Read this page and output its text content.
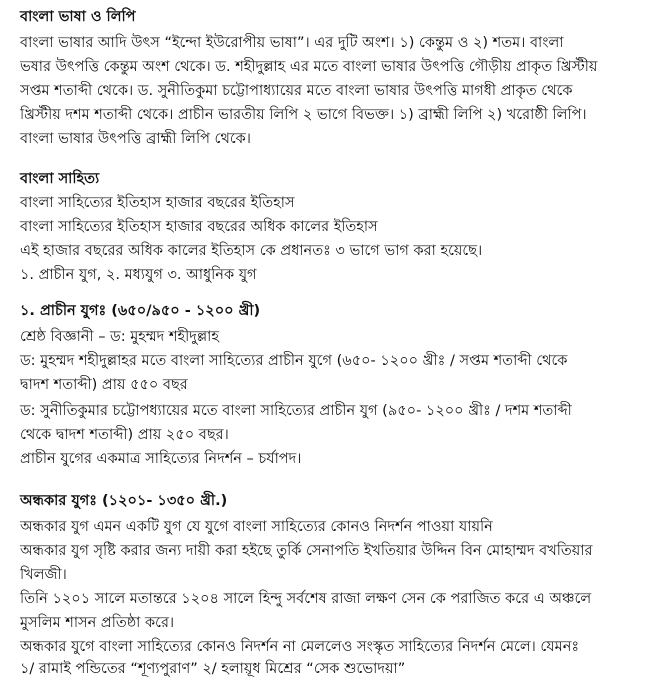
বাংলা ভাষা ও লিপি
বাংলা ভাষার আদি উৎস “ইন্দো ইউরোপীয় ভাষা”। এর দুটি অংশ। ১) কেন্তুম ও ২) শতম। বাংলা
ভষার উৎপত্তি কেন্তুম অংশ থেকে। ড. শহীদুল্লাহ এর মতে বাংলা ভাষার উৎপত্তি গৌড়ীয় প্রাকৃত খ্রিস্টীয়
সপ্তম শতাব্দী থেকে। ড. সুনীতিকুমা চট্টোপাধ্যায়ের মতে বাংলা ভাষার উৎপত্তি মাগধী প্রাকৃত থেকে
খ্রিস্টীয় দশম শতাব্দী থেকে। প্রাচীন ভারতীয় লিপি ২ ভাগে বিভক্ত। ১) ব্রাহ্মী লিপি ২) খরোষ্ঠী লিপি।
বাংলা ভাষার উৎপত্তি ব্রাহ্মী লিপি থেকে।
বাংলা সাহিত্য
বাংলা সাহিত্যের ইতিহাস হাজার বছরের ইতিহাস
বাংলা সাহিত্যের ইতিহাস হাজার বছরের অধিক কালের ইতিহাস
এই হাজার বছরের অধিক কালের ইতিহাস কে প্রধানতঃ ৩ ভাগে ভাগ করা হয়েছে।
১. প্রাচীন যুগ, ২. মধ্যযুগ ৩. আধুনিক যুগ
১. প্রাচীন যুগঃ (৬৫০/৯৫০ - ১২০০ খ্রী)
শ্রেষ্ঠ বিজ্ঞানী – ড: মুহম্মদ শহীদুল্লাহ
ড: মুহম্মদ শহীদুল্লাহর মতে বাংলা সাহিত্যের প্রাচীন যুগে (৬৫০- ১২০০ খ্রীঃ / সপ্তম শতাব্দী থেকে
দ্বাদশ শতাব্দী) প্রায় ৫৫০ বছর
ড: সুনীতিকুমার চট্টোপধ্যায়ের মতে বাংলা সাহিত্যের প্রাচীন যুগ (৯৫০- ১২০০ খ্রীঃ / দশম শতাব্দী
থেকে দ্বাদশ শতাব্দী) প্রায় ২৫০ বছর।
প্রাচীন যুগের একমাত্র সাহিত্যের নিদর্শন – চর্যাপদ।
অন্ধকার যুগঃ (১২০১- ১৩৫০ খ্রী.)
অন্ধকার যুগ এমন একটি যুগ যে যুগে বাংলা সাহিত্যের কোনও নিদর্শন পাওয়া যায়নি
অন্ধকার যুগ সৃষ্টি করার জন্য দায়ী করা হইছে তুর্কি সেনাপতি ইখতিয়ার উদ্দিন বিন মোহাম্মদ বখতিয়ার
খিলজী।
তিনি ১২০১ সালে মতান্তরে ১২০৪ সালে হিন্দু সর্বশেষ রাজা লক্ষণ সেন কে পরাজিত করে এ অঞ্চলে
মুসলিম শাসন প্রতিষ্ঠা করে।
অন্ধকার যুগে বাংলা সাহিত্যের কোনও নিদর্শন না মেললেও সংস্কৃত সাহিত্যের নিদর্শন মেলে। যেমনঃ
১/ রামাই পন্ডিতের “শূণ্যপুরাণ” ২/ হলায়ূধ মিশ্রের “সেক শুভোদয়া”
